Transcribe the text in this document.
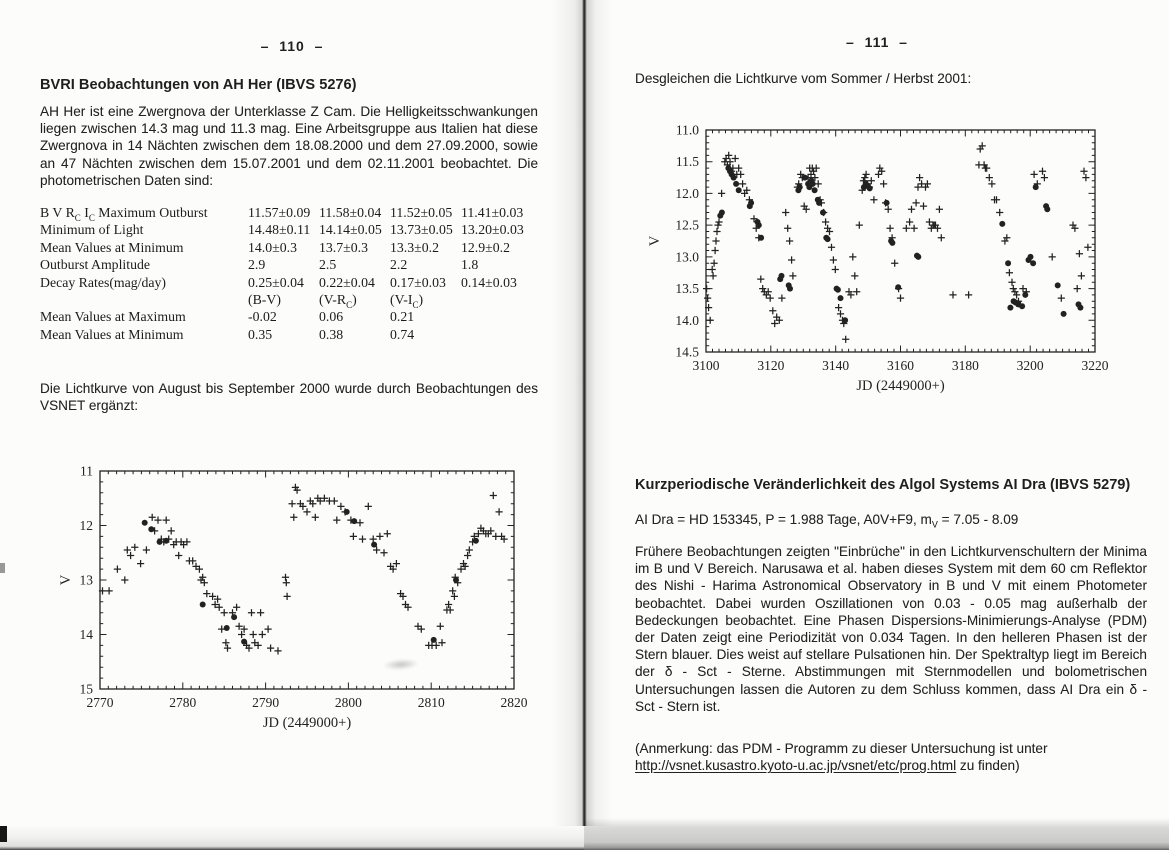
–  110  –
BVRI Beobachtungen von AH Her (IBVS 5276)

AH Her ist eine Zwergnova der Unterklasse Z Cam. Die Helligkeitsschwankungen liegen zwischen 14.3 mag und 11.3 mag. Eine Arbeitsgruppe aus Italien hat diese Zwergnova in 14 Nächten zwischen dem 18.08.2000 und dem 27.09.2000, sowie an 47 Nächten zwischen dem 15.07.2001 und dem 02.11.2001 beobachtet. Die photometrischen Daten sind:

B V $R_C$ $I_C$ Maximum Outburst	11.57±0.09	11.58±0.04	11.52±0.05	11.41±0.03
Minimum of Light	14.48±0.11	14.14±0.05	13.73±0.05	13.20±0.03
Mean Values at Minimum	14.0±0.3	13.7±0.3	13.3±0.2	12.9±0.2
Outburst Amplitude	2.9	2.5	2.2	1.8
Decay Rates(mag/day)	0.25±0.04	0.22±0.04	0.17±0.03	0.14±0.03
	(B-V)	$(V-R_C)$	$(V-I_C)$	
Mean Values at Maximum	-0.02	0.06	0.21	
Mean Values at Minimum	0.35	0.38	0.74	

Die Lichtkurve von August bis September 2000 wurde durch Beobachtungen des VSNET ergänzt:

2770	2780	2790	2800	2810	2820
11
12
13
14
15
JD (2449000+)
V
–  111  –

Desgleichen die Lichtkurve vom Sommer / Herbst 2001:

3100	3120	3140	3160	3180	3200	3220
11.0
11.5
12.0
12.5
13.0
13.5
14.0
14.5
JD (2449000+)
V
Kurzperiodische Veränderlichkeit des Algol Systems AI Dra (IBVS 5279)

AI Dra = HD 153345, P = 1.988 Tage, A0V+F9, $m_V = 7.05 - 8.09$

Frühere Beobachtungen zeigten "Einbrüche" in den Lichtkurvenschultern der Minima im B und V Bereich. Narusawa et al. haben dieses System mit dem 60 cm Reflektor des Nishi - Harima Astronomical Observatory in B und V mit einem Photometer beobachtet. Dabei wurden Oszillationen von 0.03 - 0.05 mag außerhalb der Bedeckungen beobachtet. Eine Phasen Dispersions-Minimierungs-Analyse (PDM) der Daten zeigt eine Periodizität von 0.034 Tagen. In den helleren Phasen ist der Stern blauer. Dies weist auf stellare Pulsationen hin. Der Spektraltyp liegt im Bereich der δ - Sct - Sterne. Abstimmungen mit Sternmodellen und bolometrischen Untersuchungen lassen die Autoren zu dem Schluss kommen, dass AI Dra ein δ - Sct - Stern ist.

(Anmerkung: das PDM - Programm zu dieser Untersuchung ist unter
http://vsnet.kusastro.kyoto-u.ac.jp/vsnet/etc/prog.html zu finden)
